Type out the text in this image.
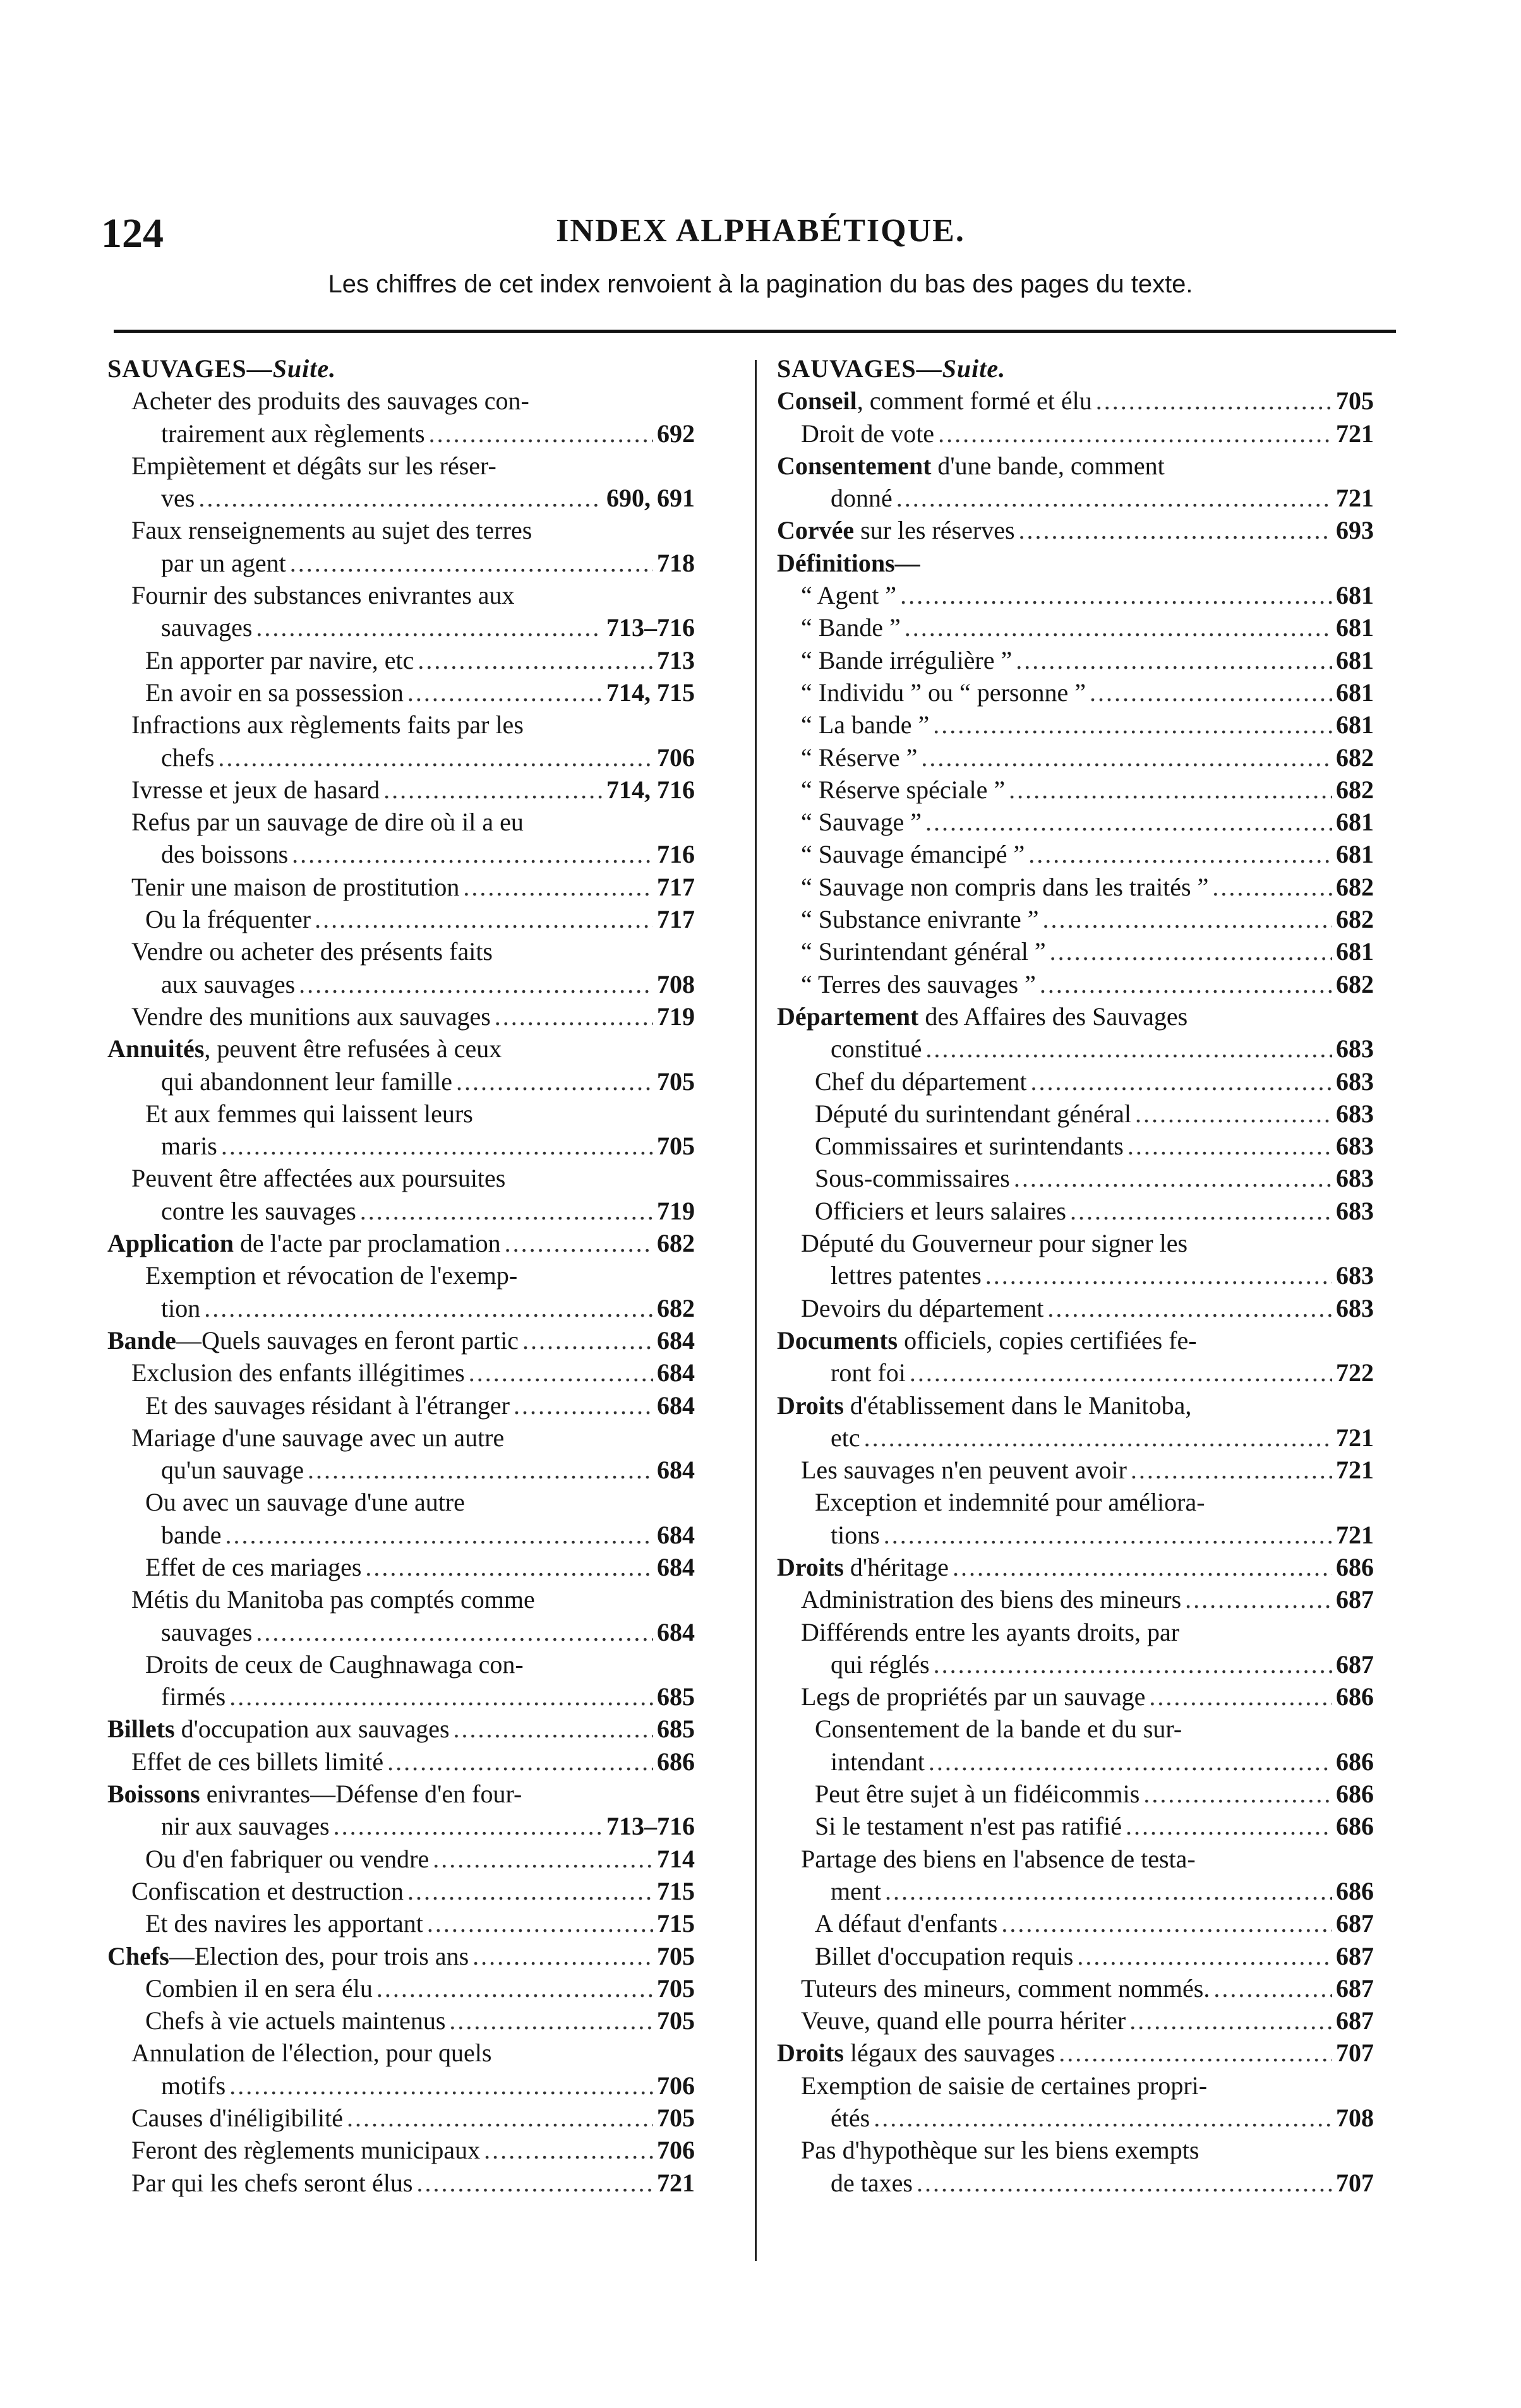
124	INDEX ALPHABÉTIQUE.
Les chiffres de cet index renvoient à la pagination du bas des pages du texte.
SAUVAGES—Suite.
Acheter des produits des sauvages con-
trairement aux règlements .....	692
Empiètement et dégâts sur les réser-
ves .....	690, 691
Faux renseignements au sujet des terres
par un agent .....	718
Fournir des substances enivrantes aux
sauvages .....	713–716
En apporter par navire, etc .....	713
En avoir en sa possession .....	714, 715
Infractions aux règlements faits par les
chefs .....	706
Ivresse et jeux de hasard .....	714, 716
Refus par un sauvage de dire où il a eu
des boissons .....	716
Tenir une maison de prostitution .....	717
Ou la fréquenter .....	717
Vendre ou acheter des présents faits
aux sauvages .....	708
Vendre des munitions aux sauvages .....	719
Annuités, peuvent être refusées à ceux
qui abandonnent leur famille .....	705
Et aux femmes qui laissent leurs
maris .....	705
Peuvent être affectées aux poursuites
contre les sauvages .....	719
Application de l'acte par proclamation .....	682
Exemption et révocation de l'exemp-
tion .....	682
Bande—Quels sauvages en feront partic .....	684
Exclusion des enfants illégitimes .....	684
Et des sauvages résidant à l'étranger .....	684
Mariage d'une sauvage avec un autre
qu'un sauvage .....	684
Ou avec un sauvage d'une autre
bande .....	684
Effet de ces mariages .....	684
Métis du Manitoba pas comptés comme
sauvages .....	684
Droits de ceux de Caughnawaga con-
firmés .....	685
Billets d'occupation aux sauvages .....	685
Effet de ces billets limité .....	686
Boissons enivrantes—Défense d'en four-
nir aux sauvages .....	713–716
Ou d'en fabriquer ou vendre .....	714
Confiscation et destruction .....	715
Et des navires les apportant .....	715
Chefs—Election des, pour trois ans .....	705
Combien il en sera élu .....	705
Chefs à vie actuels maintenus .....	705
Annulation de l'élection, pour quels
motifs .....	706
Causes d'inéligibilité .....	705
Feront des règlements municipaux .....	706
Par qui les chefs seront élus .....	721
SAUVAGES—Suite.
Conseil, comment formé et élu .....	705
Droit de vote .....	721
Consentement d'une bande, comment
donné .....	721
Corvée sur les réserves .....	693
Définitions—
“ Agent ” .....	681
“ Bande ” .....	681
“ Bande irrégulière ” .....	681
“ Individu ” ou “ personne ” .....	681
“ La bande ” .....	681
“ Réserve ” .....	682
“ Réserve spéciale ” .....	682
“ Sauvage ” .....	681
“ Sauvage émancipé ” .....	681
“ Sauvage non compris dans les traités ” .....	682
“ Substance enivrante ” .....	682
“ Surintendant général ” .....	681
“ Terres des sauvages ” .....	682
Département des Affaires des Sauvages
constitué .....	683
Chef du département .....	683
Député du surintendant général .....	683
Commissaires et surintendants .....	683
Sous-commissaires .....	683
Officiers et leurs salaires .....	683
Député du Gouverneur pour signer les
lettres patentes .....	683
Devoirs du département .....	683
Documents officiels, copies certifiées fe-
ront foi .....	722
Droits d'établissement dans le Manitoba,
etc .....	721
Les sauvages n'en peuvent avoir .....	721
Exception et indemnité pour améliora-
tions .....	721
Droits d'héritage .....	686
Administration des biens des mineurs .....	687
Différends entre les ayants droits, par
qui réglés .....	687
Legs de propriétés par un sauvage .....	686
Consentement de la bande et du sur-
intendant .....	686
Peut être sujet à un fidéicommis .....	686
Si le testament n'est pas ratifié .....	686
Partage des biens en l'absence de testa-
ment .....	686
A défaut d'enfants .....	687
Billet d'occupation requis .....	687
Tuteurs des mineurs, comment nommés. .....	687
Veuve, quand elle pourra hériter .....	687
Droits légaux des sauvages .....	707
Exemption de saisie de certaines propri-
étés .....	708
Pas d'hypothèque sur les biens exempts
de taxes .....	707
